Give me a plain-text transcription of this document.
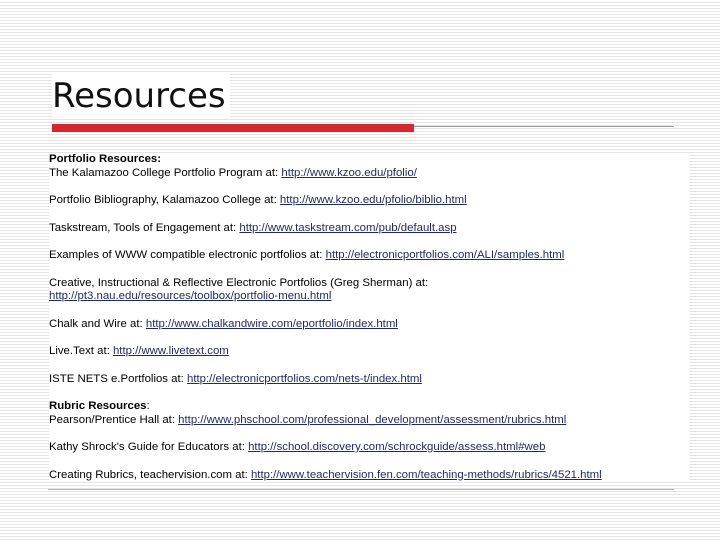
Resources

Portfolio Resources:

The Kalamazoo College Portfolio Program at: http://www.kzoo.edu/pfolio/

Portfolio Bibliography, Kalamazoo College at: http://www.kzoo.edu/pfolio/biblio.html

Taskstream, Tools of Engagement at: http://www.taskstream.com/pub/default.asp

Examples of WWW compatible electronic portfolios at: http://electronicportfolios.com/ALI/samples.html

Creative, Instructional & Reflective Electronic Portfolios (Greg Sherman) at:
http://pt3.nau.edu/resources/toolbox/portfolio-menu.html

Chalk and Wire at: http://www.chalkandwire.com/eportfolio/index.html

Live.Text at: http://www.livetext.com

ISTE NETS e.Portfolios at: http://electronicportfolios.com/nets-t/index.html

Rubric Resources:

Pearson/Prentice Hall at: http://www.phschool.com/professional_development/assessment/rubrics.html

Kathy Shrock's Guide for Educators at: http://school.discovery.com/schrockguide/assess.html#web

Creating Rubrics, teachervision.com at: http://www.teachervision.fen.com/teaching-methods/rubrics/4521.html
